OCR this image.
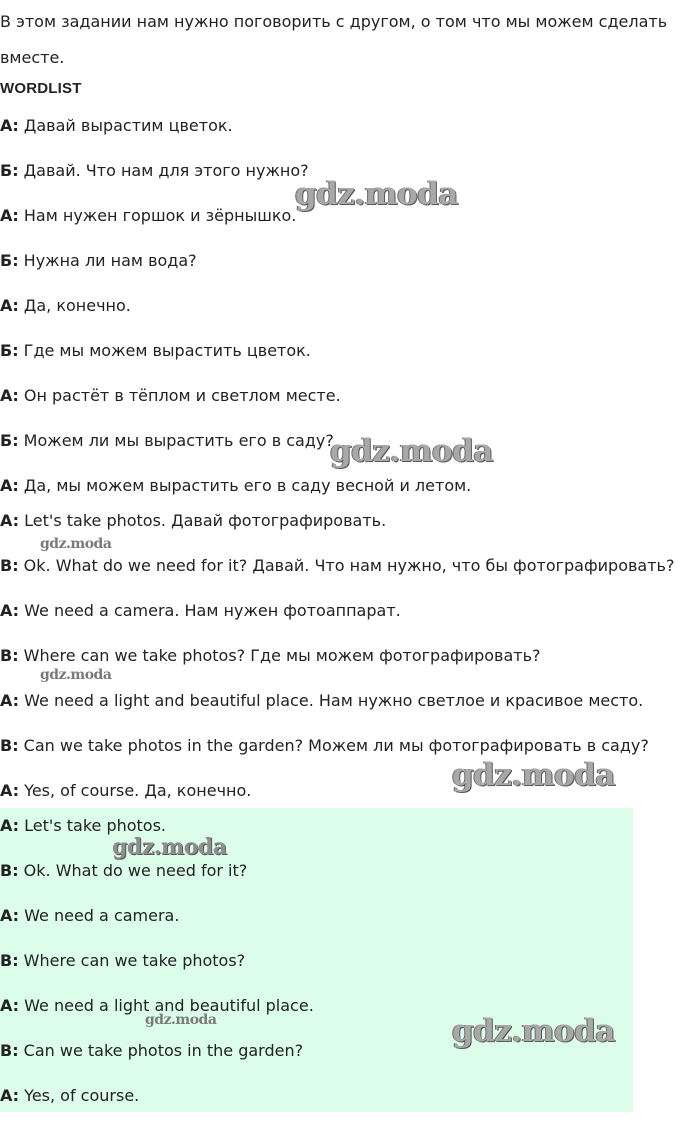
В этом задании нам нужно поговорить с другом, о том что мы можем сделать вместе.

WORDLIST

А: Давай вырастим цветок.

Б: Давай. Что нам для этого нужно?

А: Нам нужен горшок и зёрнышко.

Б: Нужна ли нам вода?

А: Да, конечно.

Б: Где мы можем вырастить цветок.

А: Он растёт в тёплом и светлом месте.

Б: Можем ли мы вырастить его в саду?

А: Да, мы можем вырастить его в саду весной и летом.

A: Let's take photos. Давай фотографировать.

B: Ok. What do we need for it? Давай. Что нам нужно, что бы фотографировать?

A: We need a camera. Нам нужен фотоаппарат.

B: Where can we take photos? Где мы можем фотографировать?

A: We need a light and beautiful place. Нам нужно светлое и красивое место.

B: Can we take photos in the garden? Можем ли мы фотографировать в саду?

A: Yes, of course. Да, конечно.

A: Let's take photos.

B: Ok. What do we need for it?

A: We need a camera.

B: Where can we take photos?

A: We need a light and beautiful place.

B: Can we take photos in the garden?

A: Yes, of course.

gdz.moda
gdz.moda
gdz.moda
gdz.moda
gdz.moda
gdz.moda
gdz.moda	gdz.moda
